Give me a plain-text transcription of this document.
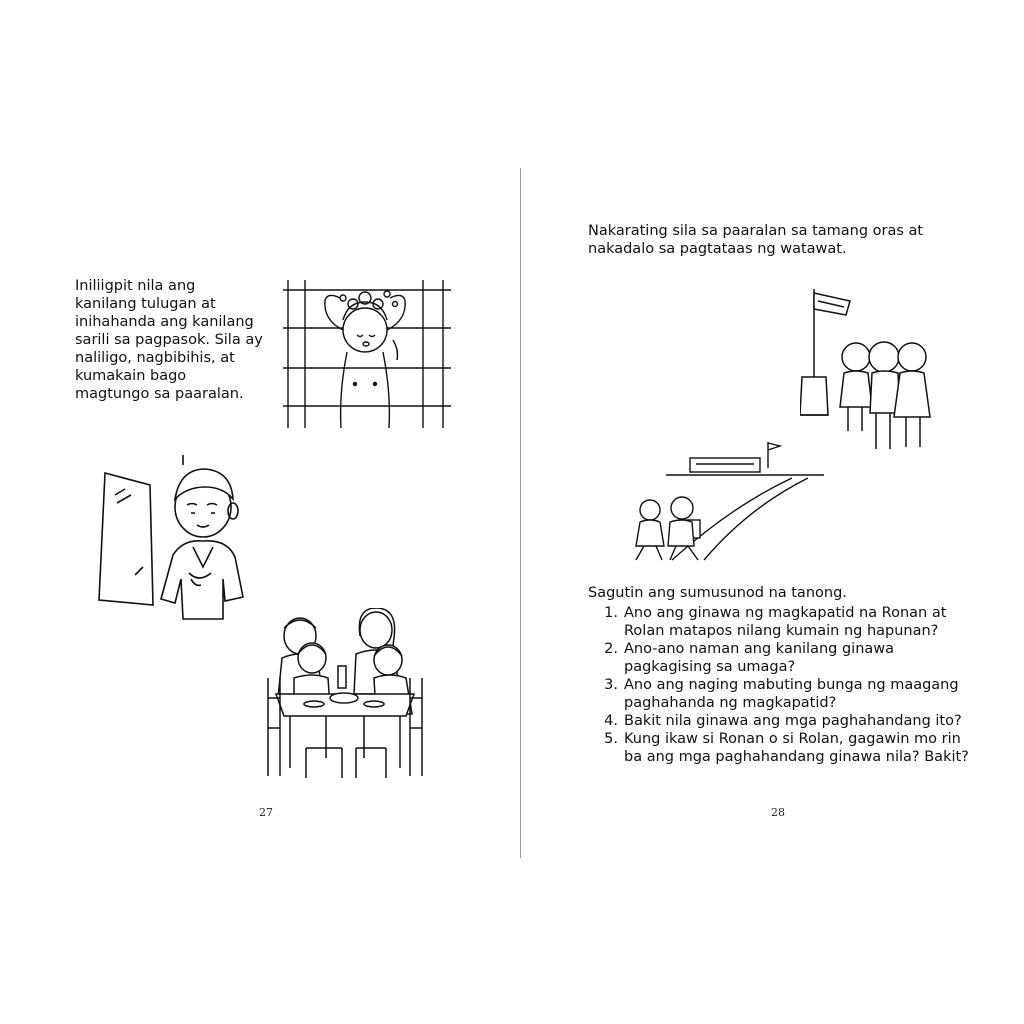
Iniliigpit nila ang
kanilang tulugan at
inihahanda ang kanilang
sarili sa pagpasok. Sila ay
naliligo, nagbibihis, at
kumakain bago
magtungo sa paaralan.
27
Nakarating sila sa paaralan sa tamang oras at
nakadalo sa pagtataas ng watawat.
Sagutin ang sumusunod na tanong.
1. Ano ang ginawa ng magkapatid na Ronan at Rolan matapos nilang kumain ng hapunan?
2. Ano-ano naman ang kanilang ginawa pagkagising sa umaga?
3. Ano ang naging mabuting bunga ng maagang paghahanda ng magkapatid?
4. Bakit nila ginawa ang mga paghahandang ito?
5. Kung ikaw si Ronan o si Rolan, gagawin mo rin ba ang mga paghahandang ginawa nila? Bakit?
28
